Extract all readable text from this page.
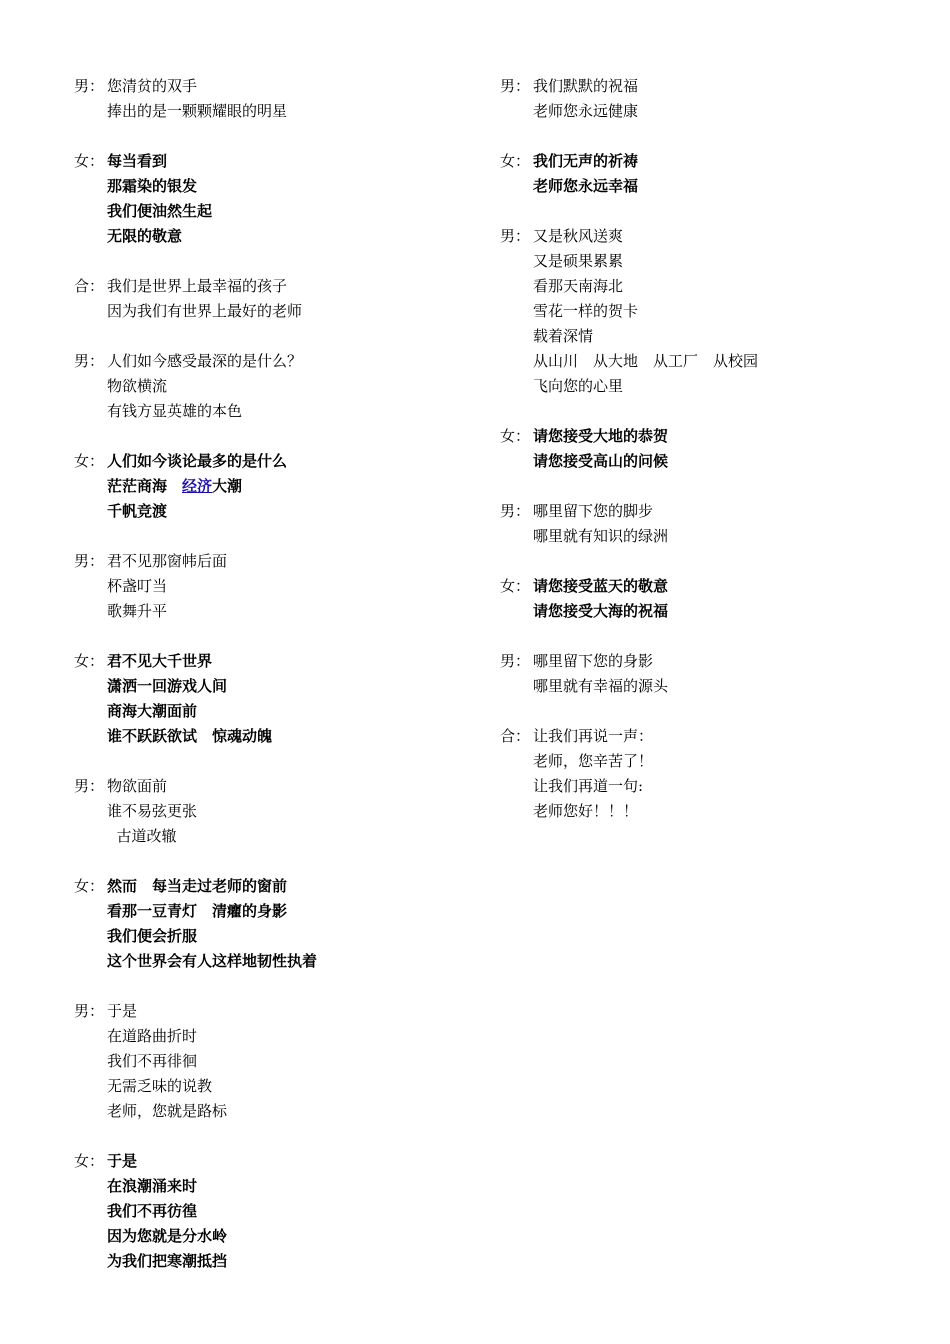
男： 您清贫的双手
捧出的是一颗颗耀眼的明星
女： 每当看到
那霜染的银发
我们便油然生起
无限的敬意
合： 我们是世界上最幸福的孩子
因为我们有世界上最好的老师
男： 人们如今感受最深的是什么？
物欲横流
有钱方显英雄的本色
女： 人们如今谈论最多的是什么
茫茫商海　经济大潮
千帆竞渡
男： 君不见那窗帏后面
杯盏叮当
歌舞升平
女： 君不见大千世界
潇洒一回游戏人间
商海大潮面前
谁不跃跃欲试　惊魂动魄
男： 物欲面前
谁不易弦更张
古道改辙
女： 然而　每当走过老师的窗前
看那一豆青灯　清癯的身影
我们便会折服
这个世界会有人这样地韧性执着
男： 于是
在道路曲折时
我们不再徘徊
无需乏味的说教
老师，您就是路标
女： 于是
在浪潮涌来时
我们不再彷徨
因为您就是分水岭
为我们把寒潮抵挡
男： 我们默默的祝福
老师您永远健康
女： 我们无声的祈祷
老师您永远幸福
男： 又是秋风送爽
又是硕果累累
看那天南海北
雪花一样的贺卡
载着深情
从山川　从大地　从工厂　从校园
飞向您的心里
女： 请您接受大地的恭贺
请您接受高山的问候
男： 哪里留下您的脚步
哪里就有知识的绿洲
女： 请您接受蓝天的敬意
请您接受大海的祝福
男： 哪里留下您的身影
哪里就有幸福的源头
合： 让我们再说一声：
老师，您辛苦了！
让我们再道一句:
老师您好！！！
